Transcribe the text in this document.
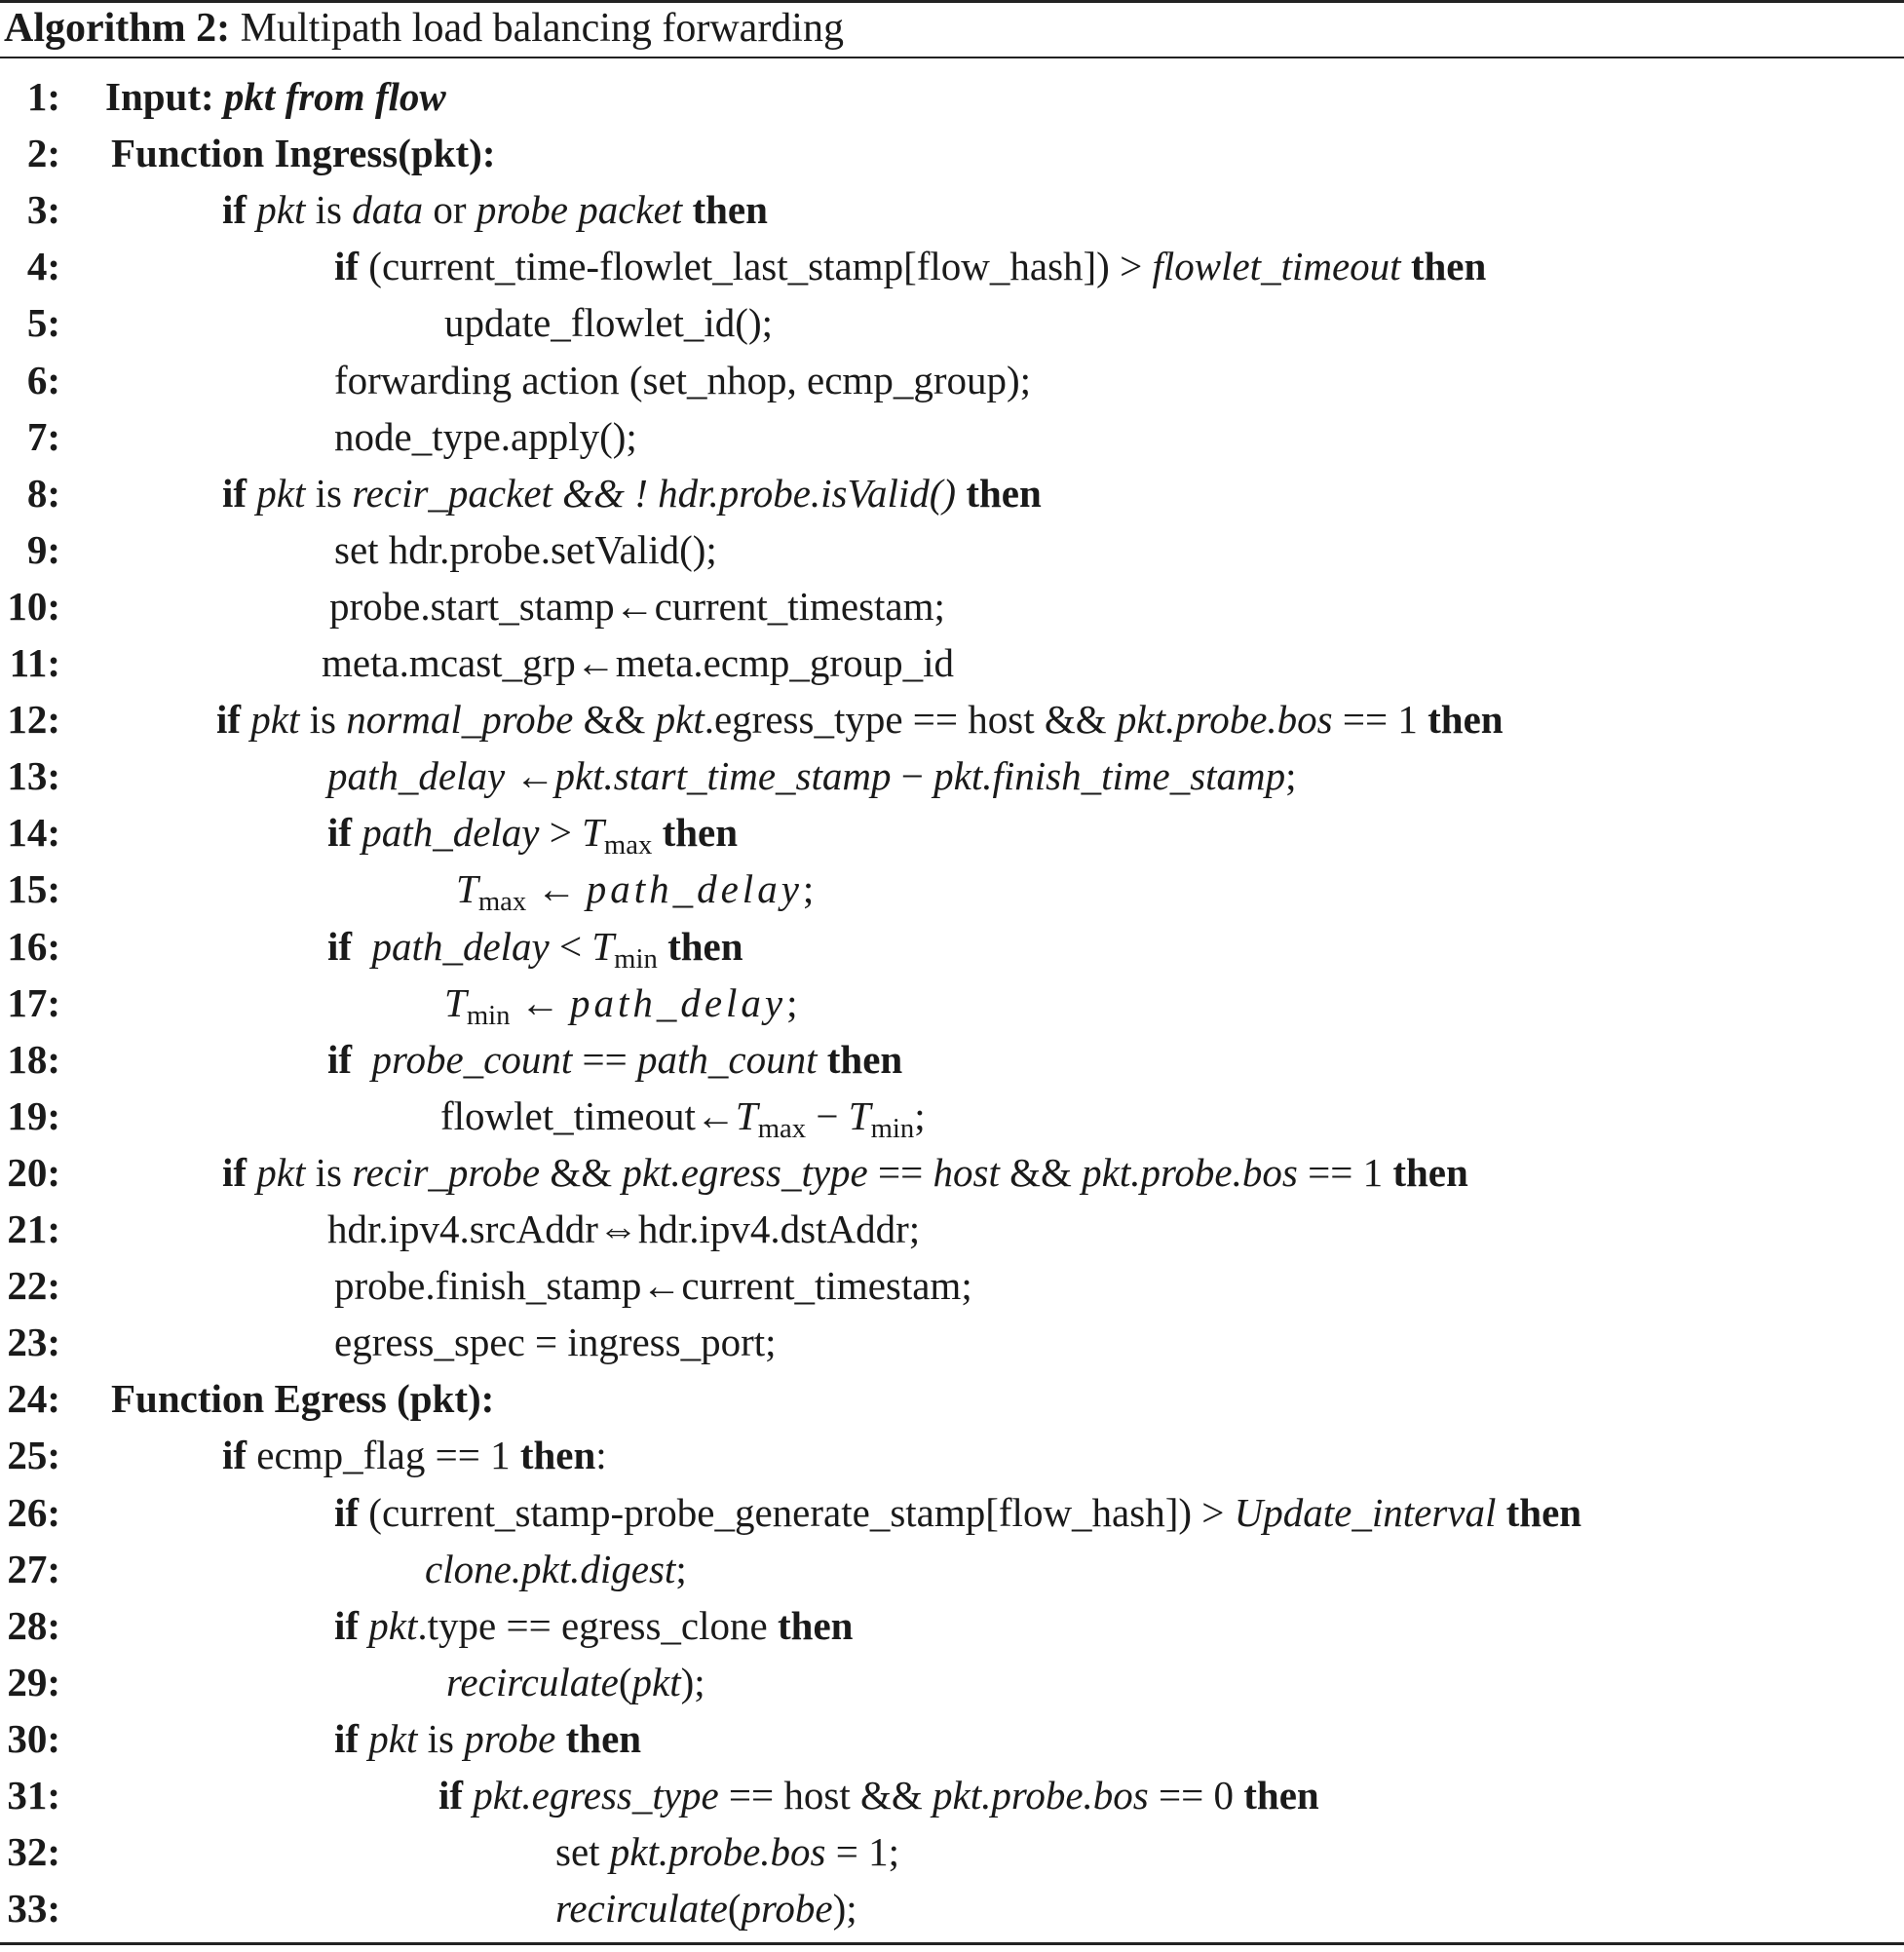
Algorithm 2: Multipath load balancing forwarding
1: Input: pkt from flow
2: Function Ingress(pkt):
3:	if pkt is data or probe packet then
4:	if (current_time-flowlet_last_stamp[flow_hash]) > flowlet_timeout then
5:	update_flowlet_id();
6:	forwarding action (set_nhop, ecmp_group);
7:	node_type.apply();
8:	if pkt is recir_packet && ! hdr.probe.isValid() then
9:	set hdr.probe.setValid();
10:	probe.start_stamp←current_timestam;
11:	meta.mcast_grp←meta.ecmp_group_id
12:	if pkt is normal_probe && pkt.egress_type == host && pkt.probe.bos == 1 then
13:	path_delay ←pkt.start_time_stamp − pkt.finish_time_stamp;
14:	if path_delay > $T_{max}$ then
15:	$T_{max}$ ← path_delay;
16:	if  path_delay < $T_{min}$ then
17:	$T_{min}$ ← path_delay;
18:	if  probe_count == path_count then
19:	$flowlet\_timeout\leftarrow T_{max} - T_{min}$;
20:	if pkt is recir_probe && pkt.egress_type == host && pkt.probe.bos == 1 then
21:	hdr.ipv4.srcAddr⇔hdr.ipv4.dstAddr;
22:	probe.finish_stamp←current_timestam;
23:	egress_spec = ingress_port;
24: Function Egress (pkt):
25:	if ecmp_flag == 1 then:
26:	if (current_stamp-probe_generate_stamp[flow_hash]) > Update_interval then
27:	clone.pkt.digest;
28:	if pkt.type == egress_clone then
29:	recirculate(pkt);
30:	if pkt is probe then
31:	if pkt.egress_type == host && pkt.probe.bos == 0 then
32:	set pkt.probe.bos = 1;
33:	recirculate(probe);
